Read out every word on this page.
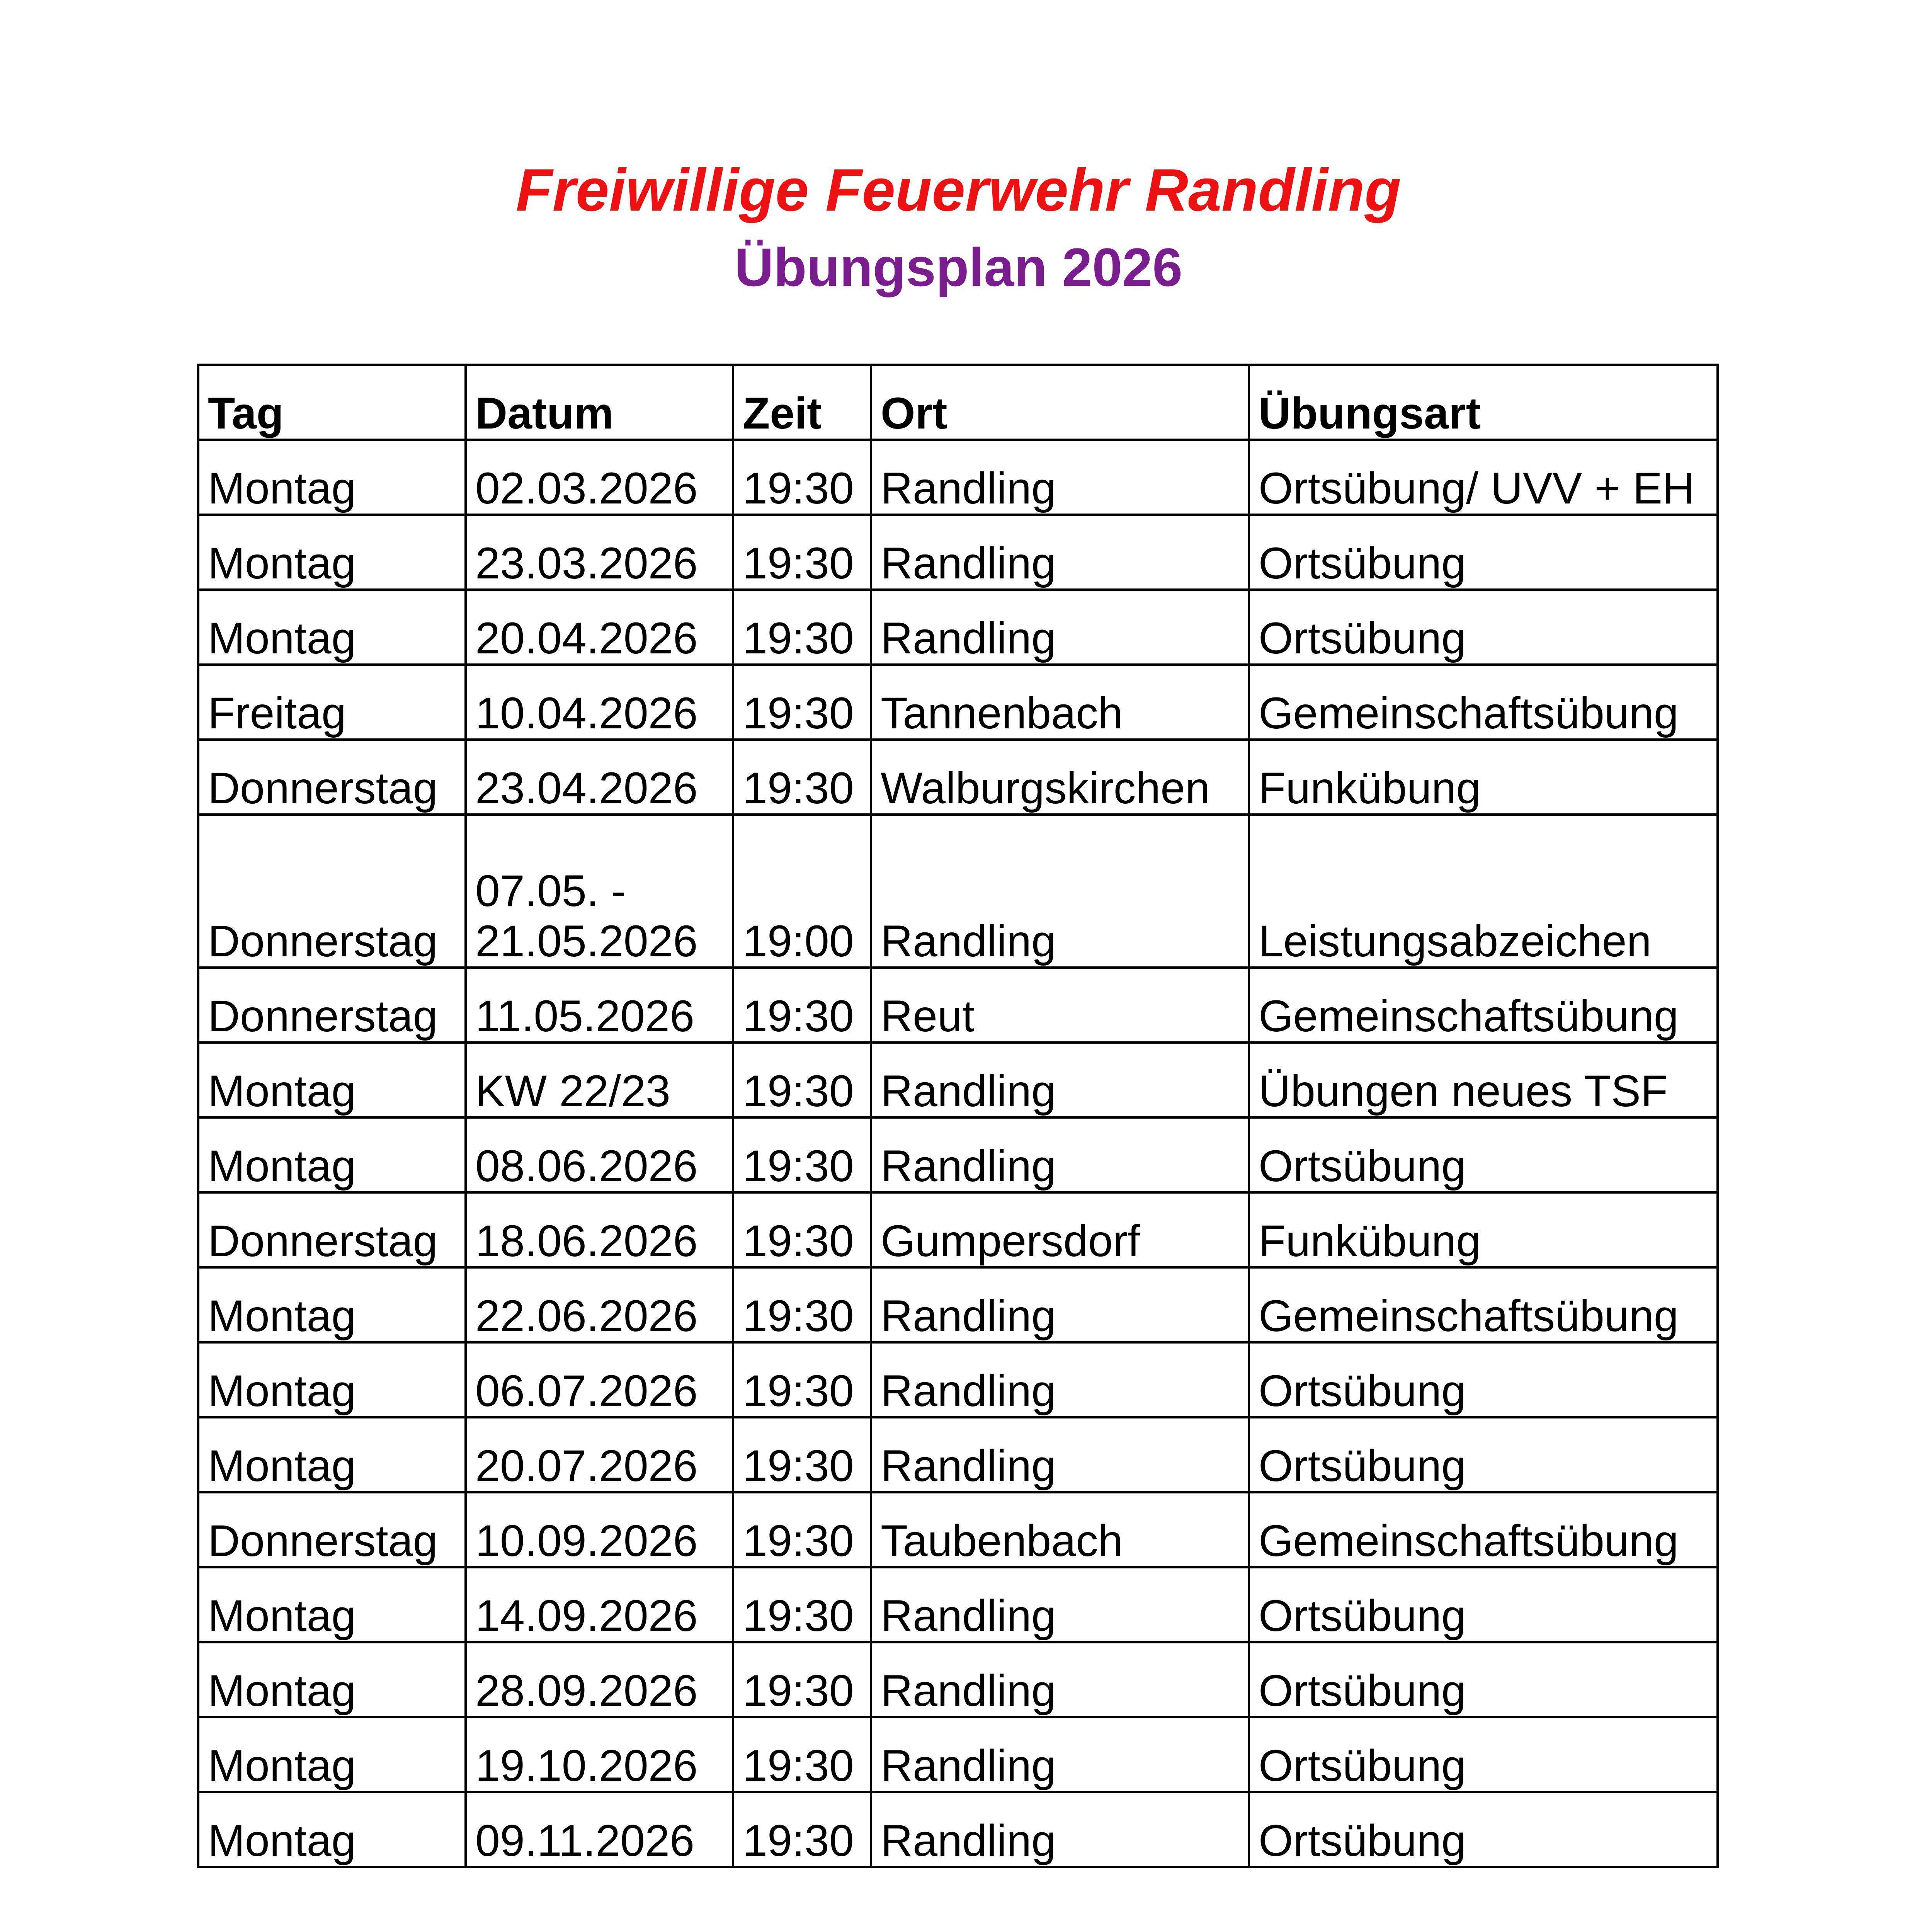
Freiwillige Feuerwehr Randling
Übungsplan 2026
Tag	Datum	Zeit	Ort	Übungsart
Montag	02.03.2026	19:30	Randling	Ortsübung/ UVV + EH
Montag	23.03.2026	19:30	Randling	Ortsübung
Montag	20.04.2026	19:30	Randling	Ortsübung
Freitag	10.04.2026	19:30	Tannenbach	Gemeinschaftsübung
Donnerstag	23.04.2026	19:30	Walburgskirchen	Funkübung
Donnerstag	07.05. - 21.05.2026	19:00	Randling	Leistungsabzeichen
Donnerstag	11.05.2026	19:30	Reut	Gemeinschaftsübung
Montag	KW 22/23	19:30	Randling	Übungen neues TSF
Montag	08.06.2026	19:30	Randling	Ortsübung
Donnerstag	18.06.2026	19:30	Gumpersdorf	Funkübung
Montag	22.06.2026	19:30	Randling	Gemeinschaftsübung
Montag	06.07.2026	19:30	Randling	Ortsübung
Montag	20.07.2026	19:30	Randling	Ortsübung
Donnerstag	10.09.2026	19:30	Taubenbach	Gemeinschaftsübung
Montag	14.09.2026	19:30	Randling	Ortsübung
Montag	28.09.2026	19:30	Randling	Ortsübung
Montag	19.10.2026	19:30	Randling	Ortsübung
Montag	09.11.2026	19:30	Randling	Ortsübung
